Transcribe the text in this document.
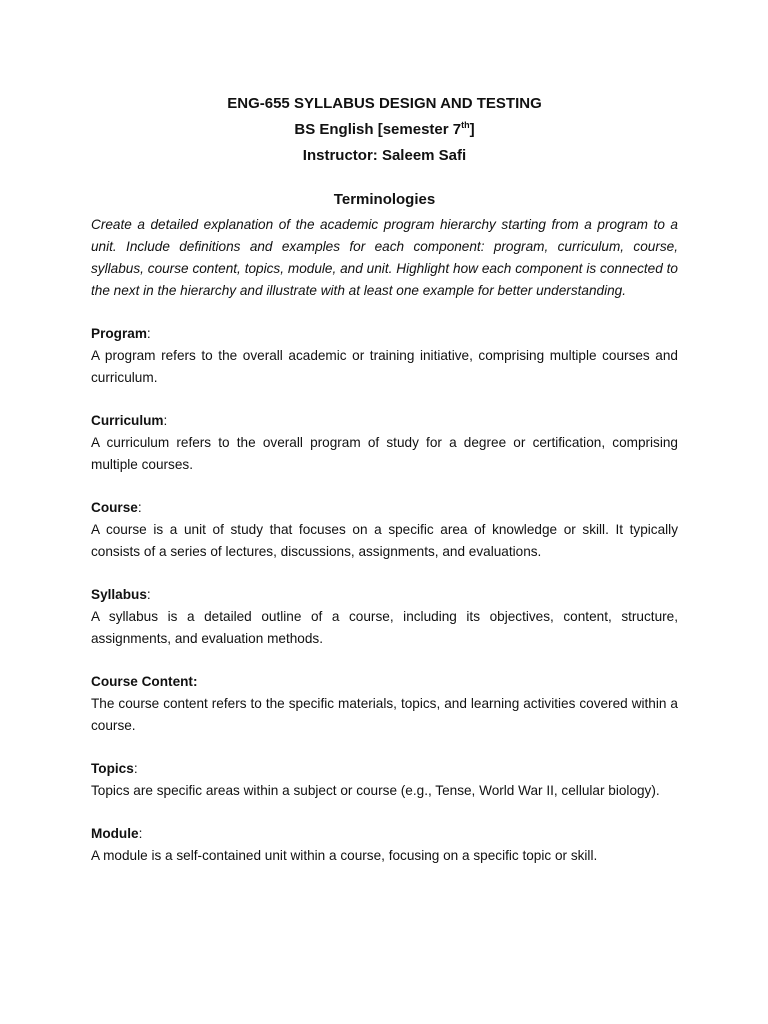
ENG-655 SYLLABUS DESIGN AND TESTING

BS English [semester 7th]

Instructor: Saleem Safi

Terminologies

Create a detailed explanation of the academic program hierarchy starting from a program to a unit. Include definitions and examples for each component: program, curriculum, course, syllabus, course content, topics, module, and unit. Highlight how each component is connected to the next in the hierarchy and illustrate with at least one example for better understanding.

Program:

A program refers to the overall academic or training initiative, comprising multiple courses and curriculum.

Curriculum:

A curriculum refers to the overall program of study for a degree or certification, comprising multiple courses.

Course:

A course is a unit of study that focuses on a specific area of knowledge or skill. It typically consists of a series of lectures, discussions, assignments, and evaluations.

Syllabus:

A syllabus is a detailed outline of a course, including its objectives, content, structure, assignments, and evaluation methods.

Course Content:

The course content refers to the specific materials, topics, and learning activities covered within a course.

Topics:

Topics are specific areas within a subject or course (e.g., Tense, World War II, cellular biology).

Module:

A module is a self-contained unit within a course, focusing on a specific topic or skill.
